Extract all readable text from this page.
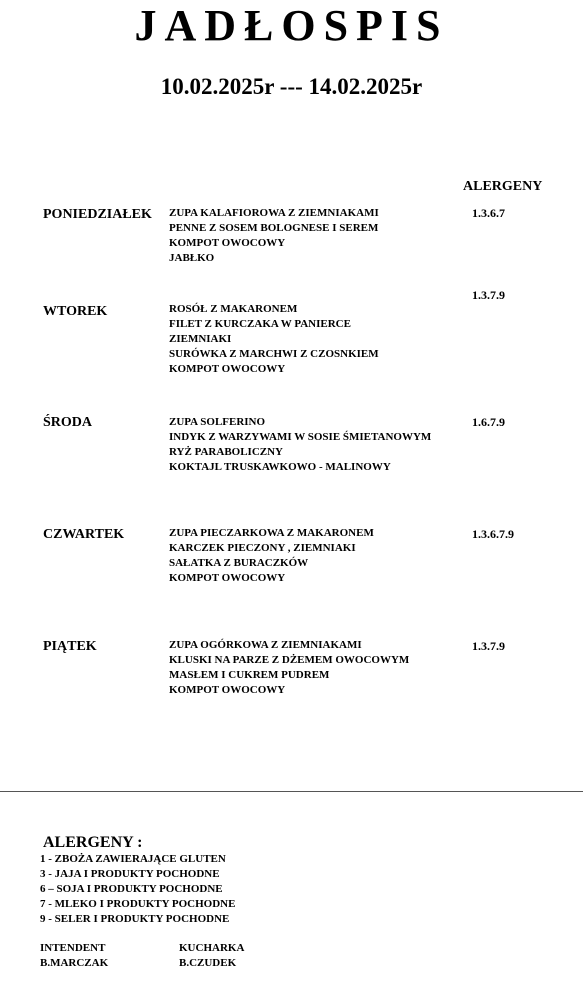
JADŁOSPIS
10.02.2025r --- 14.02.2025r
ALERGENY
PONIEDZIAŁEK ZUPA KALAFIOROWA Z ZIEMNIAKAMI
PENNE Z SOSEM BOLOGNESE I SEREM
KOMPOT OWOCOWY
JABŁKO
1.3.6.7
WTOREK	ROSÓŁ Z MAKARONEM
FILET Z KURCZAKA W PANIERCE
ZIEMNIAKI
SURÓWKA Z MARCHWI Z CZOSNKIEM
KOMPOT OWOCOWY
1.3.7.9
ŚRODA	ZUPA SOLFERINO
INDYK Z WARZYWAMI W SOSIE ŚMIETANOWYM
RYŻ PARABOLICZNY
KOKTAJL TRUSKAWKOWO - MALINOWY
1.6.7.9
CZWARTEK	ZUPA PIECZARKOWA Z MAKARONEM
KARCZEK PIECZONY , ZIEMNIAKI
SAŁATKA Z BURACZKÓW
KOMPOT OWOCOWY
1.3.6.7.9
PIĄTEK	ZUPA OGÓRKOWA Z ZIEMNIAKAMI
KLUSKI NA PARZE Z DŻEMEM OWOCOWYM
MASŁEM I CUKREM PUDREM
KOMPOT OWOCOWY
1.3.7.9
ALERGENY :
1 - ZBOŻA ZAWIERAJĄCE GLUTEN
3 - JAJA I PRODUKTY POCHODNE
6 – SOJA I PRODUKTY POCHODNE
7 - MLEKO I PRODUKTY POCHODNE
9 - SELER I PRODUKTY POCHODNE
INTENDENT
B.MARCZAK
KUCHARKA
B.CZUDEK
